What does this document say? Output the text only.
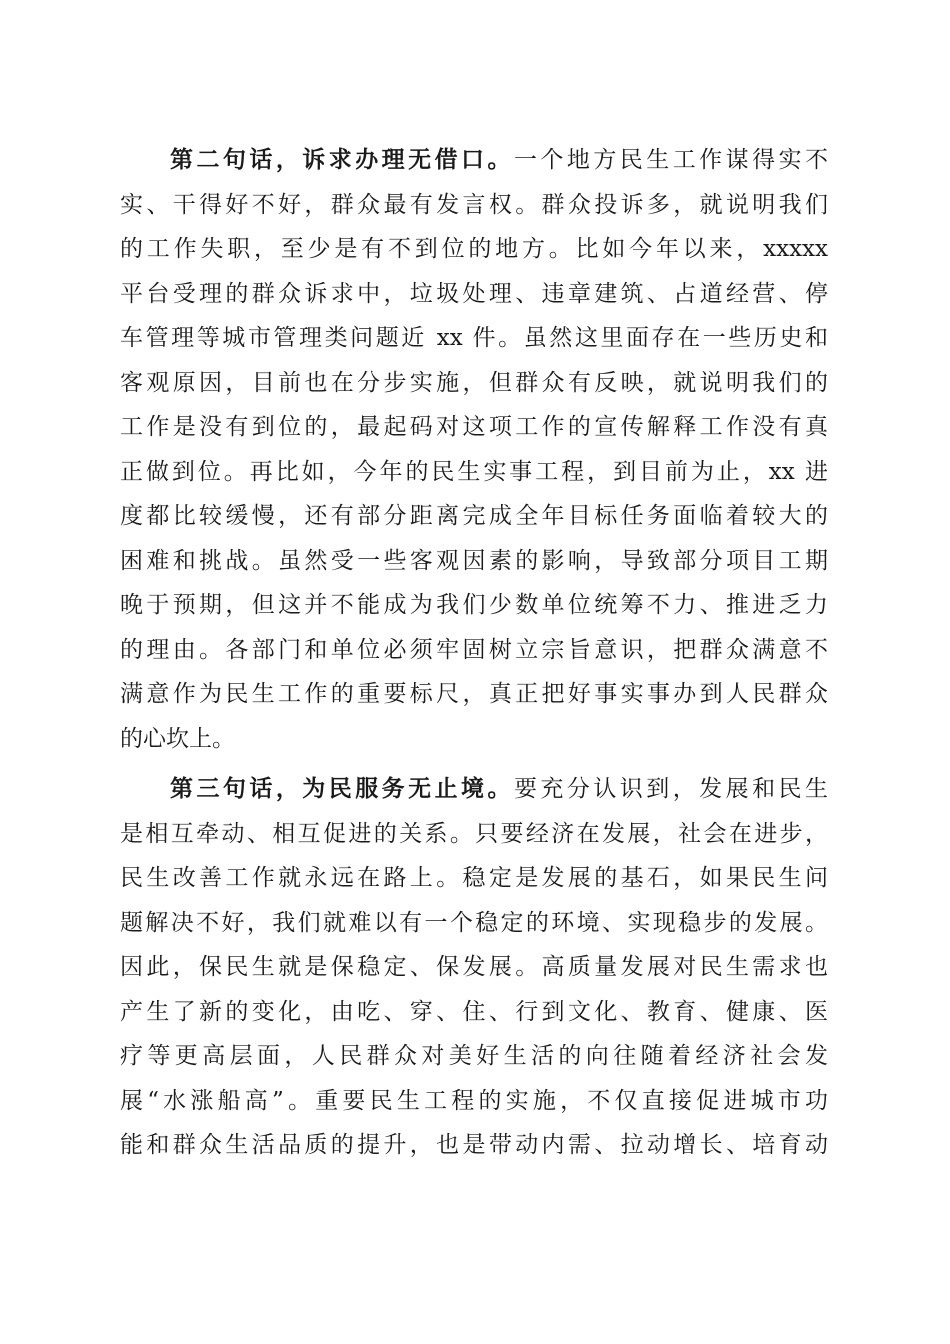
第二句话，诉求办理无借口。一个地方民生工作谋得实不
实、干得好不好，群众最有发言权。群众投诉多，就说明我们
的工作失职，至少是有不到位的地方。比如今年以来，xxxxx
平台受理的群众诉求中，垃圾处理、违章建筑、占道经营、停
车管理等城市管理类问题近 xx 件。虽然这里面存在一些历史和
客观原因，目前也在分步实施，但群众有反映，就说明我们的
工作是没有到位的，最起码对这项工作的宣传解释工作没有真
正做到位。再比如，今年的民生实事工程，到目前为止，xx 进
度都比较缓慢，还有部分距离完成全年目标任务面临着较大的
困难和挑战。虽然受一些客观因素的影响，导致部分项目工期
晚于预期，但这并不能成为我们少数单位统筹不力、推进乏力
的理由。各部门和单位必须牢固树立宗旨意识，把群众满意不
满意作为民生工作的重要标尺，真正把好事实事办到人民群众
的心坎上。
第三句话，为民服务无止境。要充分认识到，发展和民生
是相互牵动、相互促进的关系。只要经济在发展，社会在进步，
民生改善工作就永远在路上。稳定是发展的基石，如果民生问
题解决不好，我们就难以有一个稳定的环境、实现稳步的发展。
因此，保民生就是保稳定、保发展。高质量发展对民生需求也
产生了新的变化，由吃、穿、住、行到文化、教育、健康、医
疗等更高层面，人民群众对美好生活的向往随着经济社会发
展“水涨船高”。重要民生工程的实施，不仅直接促进城市功
能和群众生活品质的提升，也是带动内需、拉动增长、培育动
